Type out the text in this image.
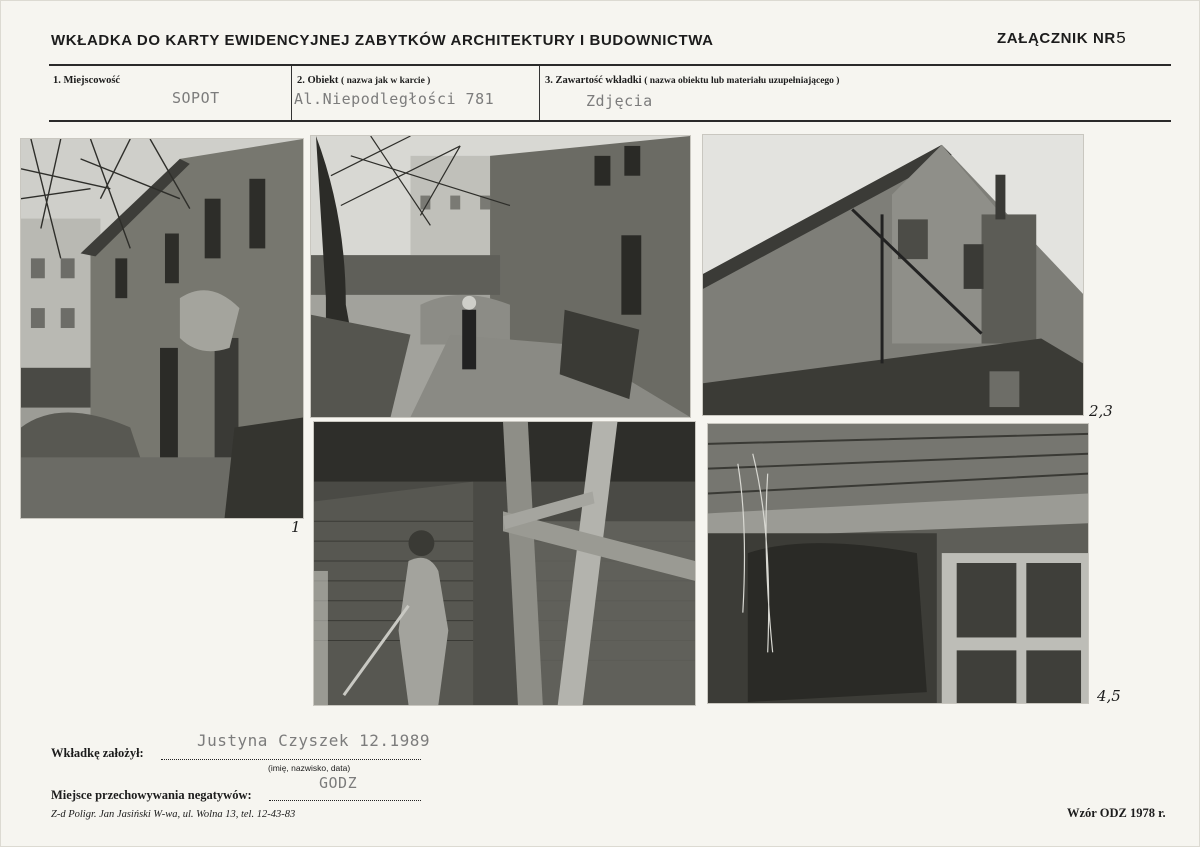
WKŁADKA DO KARTY EWIDENCYJNEJ ZABYTKÓW ARCHITEKTURY I BUDOWNICTWA	ZAŁĄCZNIK NR5
1. Miejscowość
SOPOT
2. Obiekt ( nazwa jak w karcie )
Al.Niepodległości 781
3. Zawartość wkładki ( nazwa obiektu lub materiału uzupełniającego )
Zdjęcia
1
2,3
4,5
Justyna Czyszek 12.1989
Wkładkę założył:
(imię, nazwisko, data)
GODZ
Miejsce przechowywania negatywów:
Z-d Poligr. Jan Jasiński W-wa, ul. Wolna 13, tel. 12-43-83	Wzór ODZ 1978 r.
